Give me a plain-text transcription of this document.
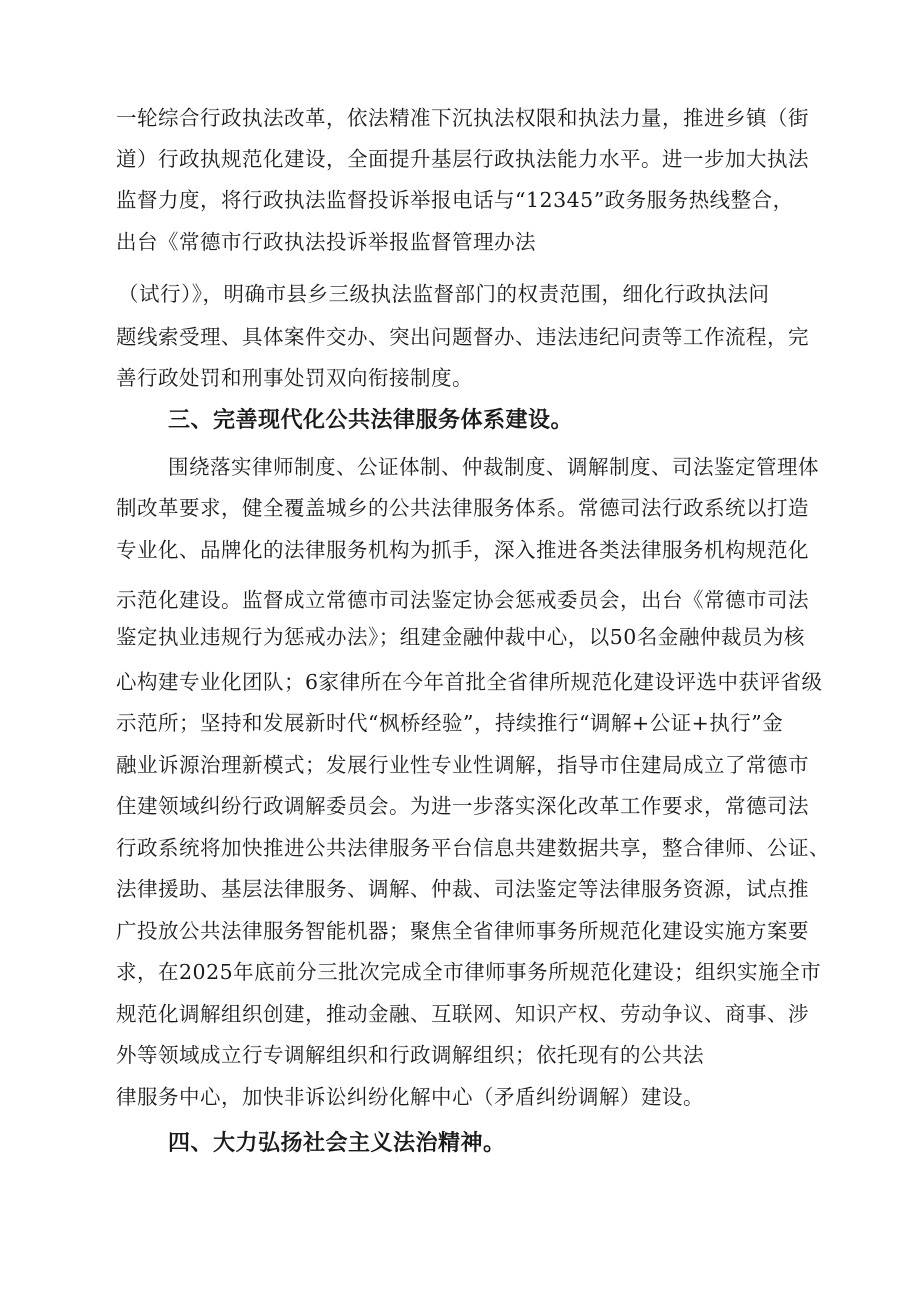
一轮综合行政执法改革，依法精准下沉执法权限和执法力量，推进乡镇（街
道）行政执规范化建设，全面提升基层行政执法能力水平。进一步加大执法
监督力度，将行政执法监督投诉举报电话与“12345”政务服务热线整合，
出台《常德市行政执法投诉举报监督管理办法
（试行）》，明确市县乡三级执法监督部门的权责范围，细化行政执法问
题线索受理、具体案件交办、突出问题督办、违法违纪问责等工作流程，完
善行政处罚和刑事处罚双向衔接制度。
三、完善现代化公共法律服务体系建设。
围绕落实律师制度、公证体制、仲裁制度、调解制度、司法鉴定管理体
制改革要求，健全覆盖城乡的公共法律服务体系。常德司法行政系统以打造
专业化、品牌化的法律服务机构为抓手，深入推进各类法律服务机构规范化
示范化建设。监督成立常德市司法鉴定协会惩戒委员会，出台《常德市司法
鉴定执业违规行为惩戒办法》；组建金融仲裁中心，以50名金融仲裁员为核
心构建专业化团队；6家律所在今年首批全省律所规范化建设评选中获评省级
示范所；坚持和发展新时代“枫桥经验”，持续推行“调解+公证+执行”金
融业诉源治理新模式；发展行业性专业性调解，指导市住建局成立了常德市
住建领域纠纷行政调解委员会。为进一步落实深化改革工作要求，常德司法
行政系统将加快推进公共法律服务平台信息共建数据共享，整合律师、公证、
法律援助、基层法律服务、调解、仲裁、司法鉴定等法律服务资源，试点推
广投放公共法律服务智能机器；聚焦全省律师事务所规范化建设实施方案要
求，在2025年底前分三批次完成全市律师事务所规范化建设；组织实施全市
规范化调解组织创建，推动金融、互联网、知识产权、劳动争议、商事、涉
外等领域成立行专调解组织和行政调解组织；依托现有的公共法
律服务中心，加快非诉讼纠纷化解中心（矛盾纠纷调解）建设。
四、大力弘扬社会主义法治精神。
